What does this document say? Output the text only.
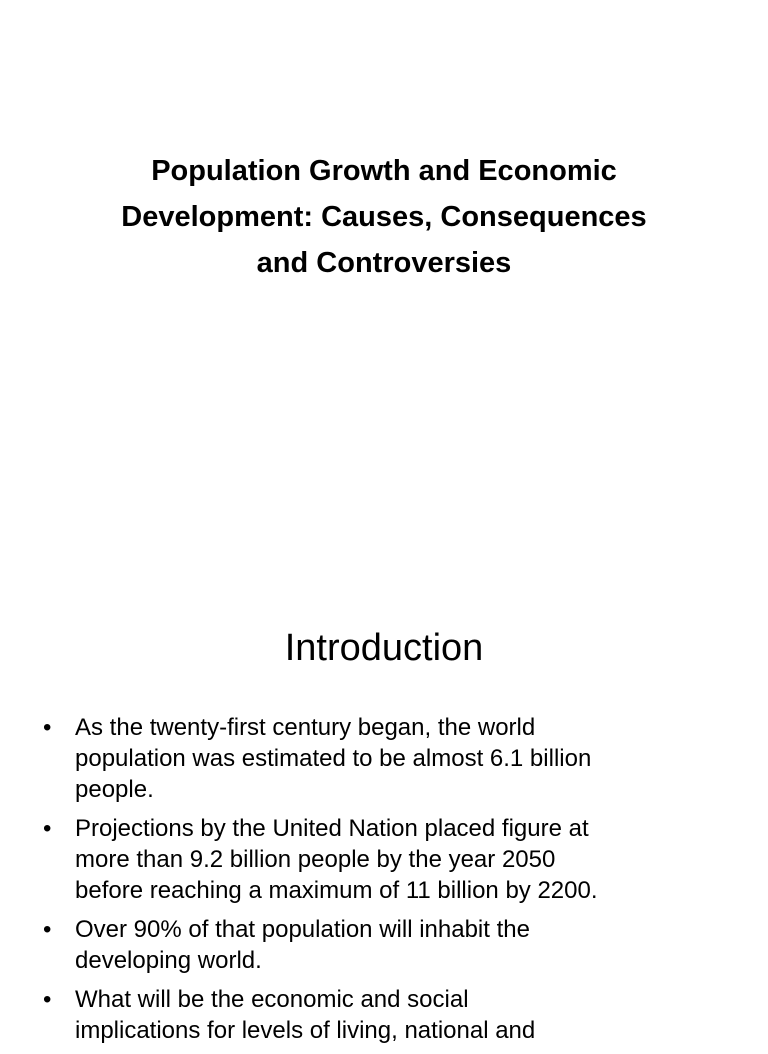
Population Growth and Economic
Development: Causes, Consequences
and Controversies
Introduction
• As the twenty-first century began, the world
population was estimated to be almost 6.1 billion
people.
• Projections by the United Nation placed figure at
more than 9.2 billion people by the year 2050
before reaching a maximum of 11 billion by 2200.
• Over 90% of that population will inhabit the
developing world.
• What will be the economic and social
implications for levels of living, national and
